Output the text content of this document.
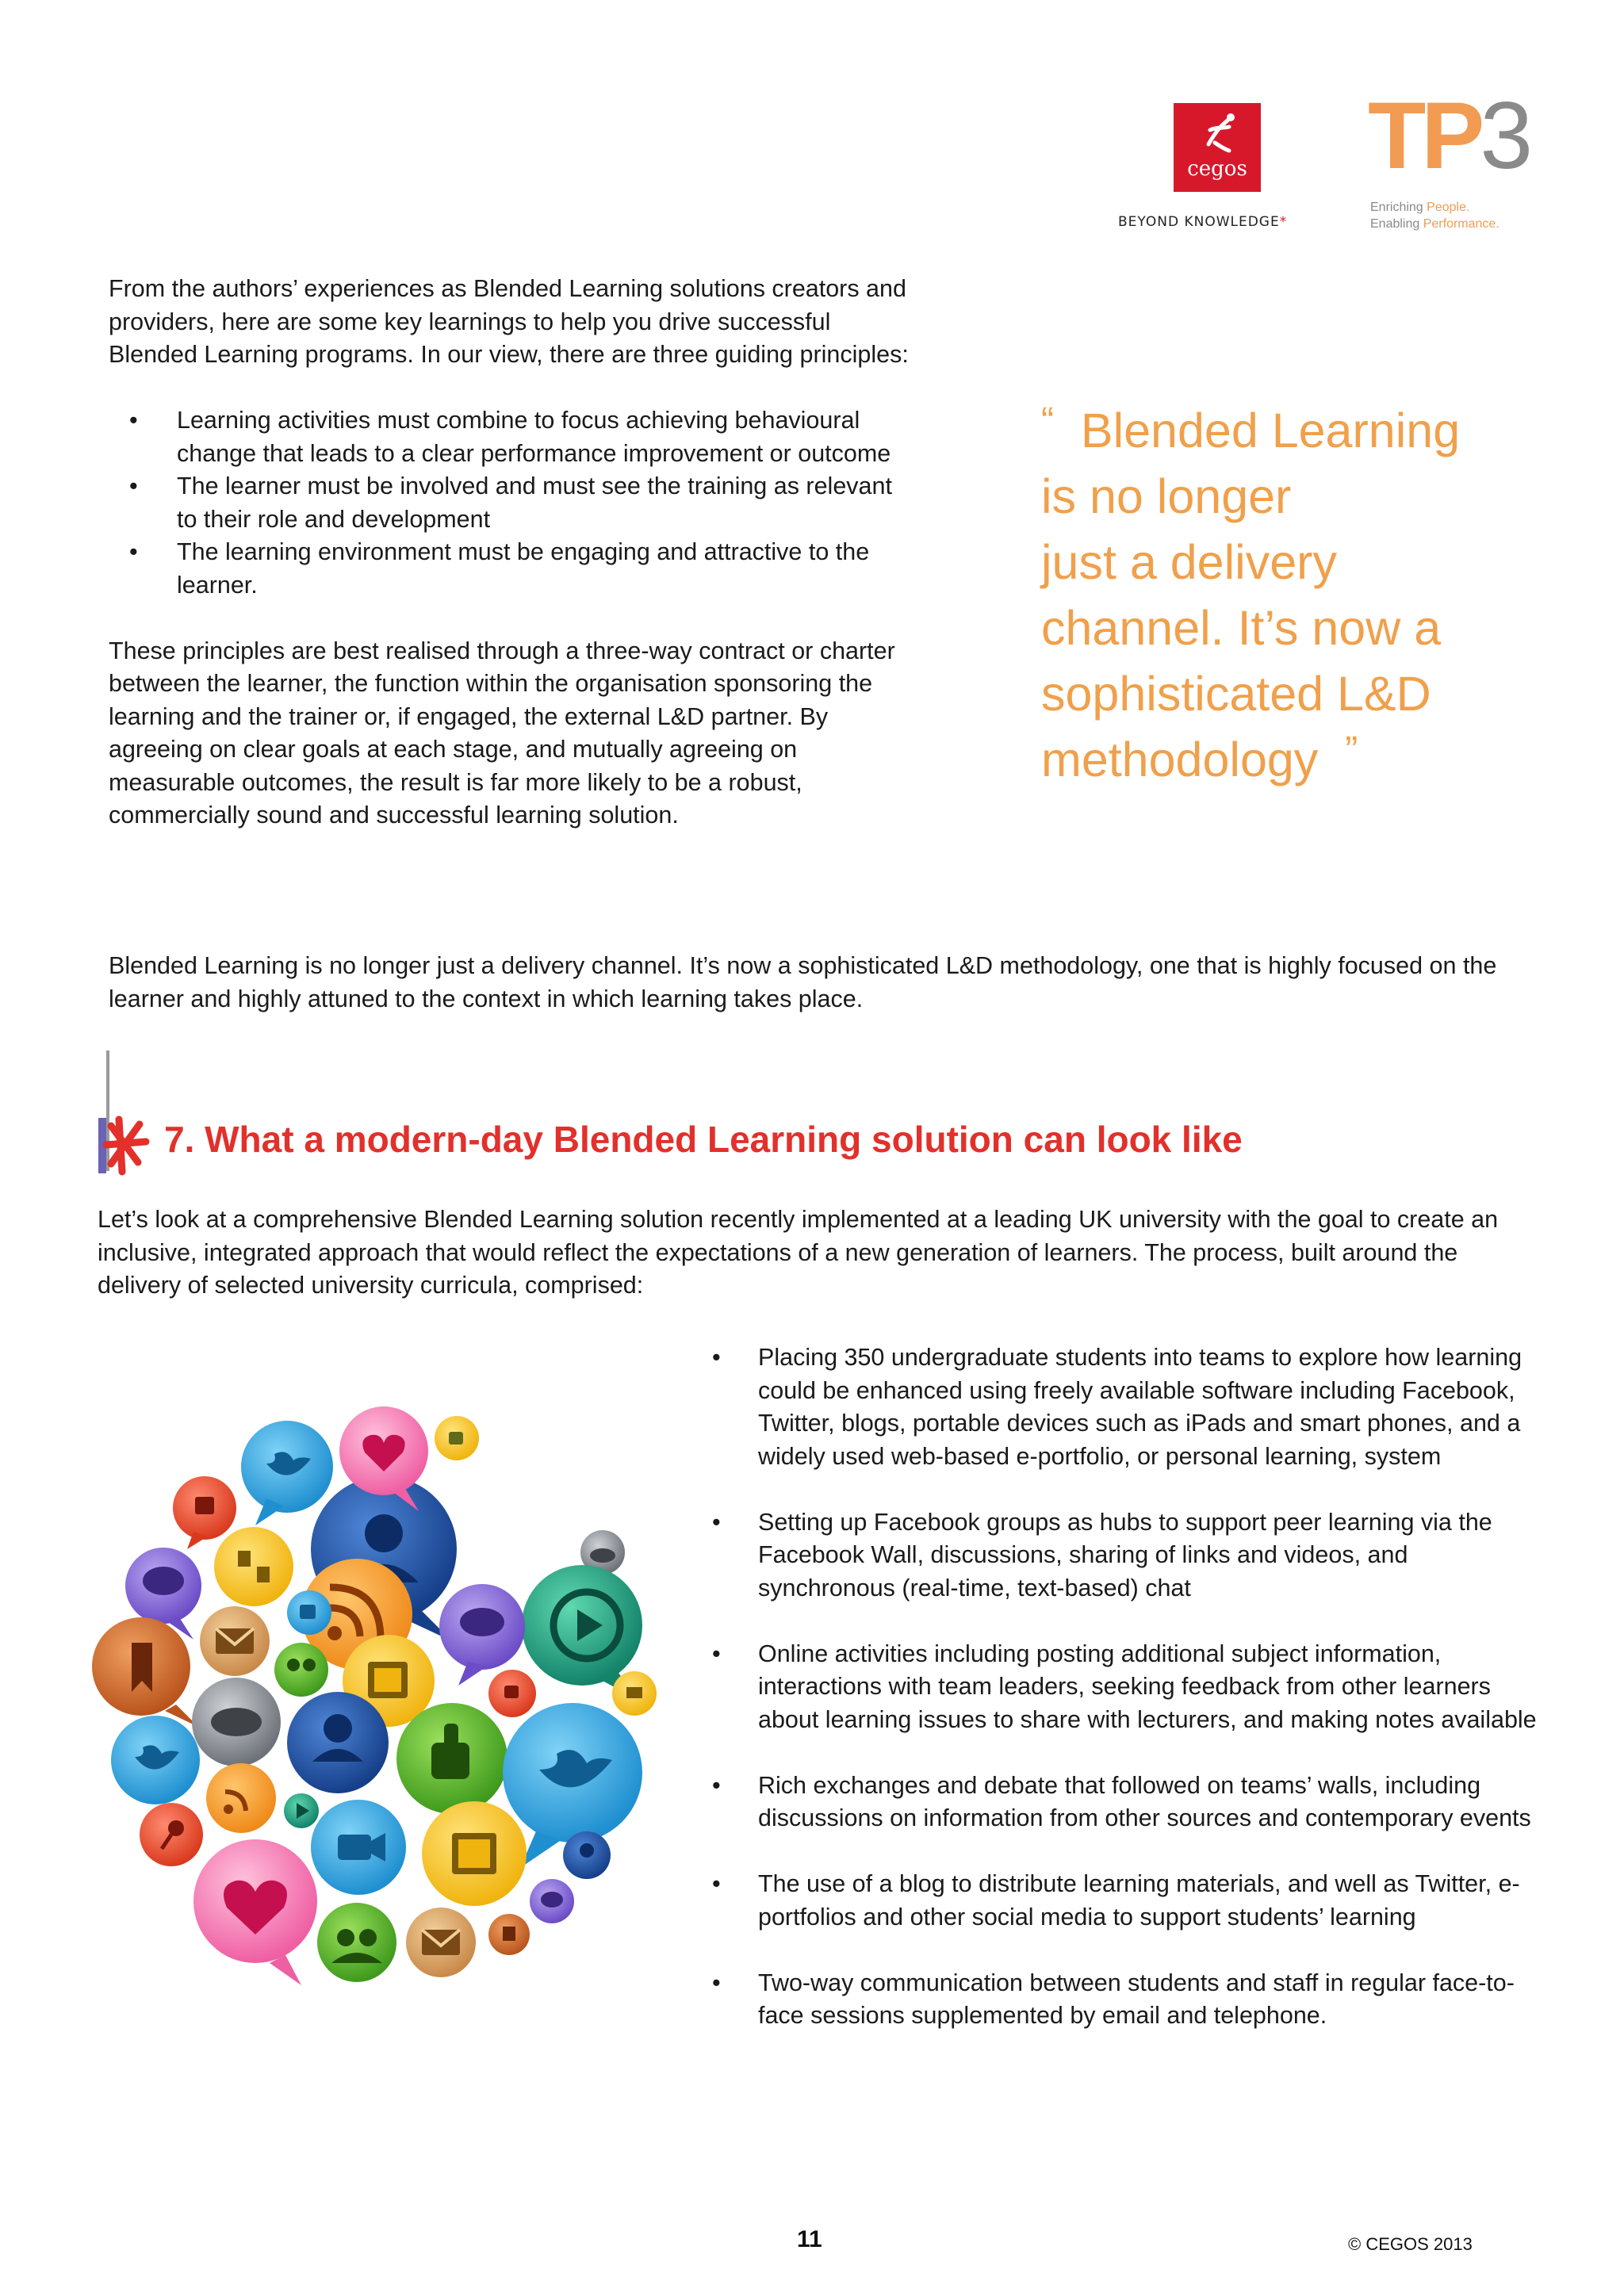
cegos
BEYOND KNOWLEDGE*
TP3
Enriching People.
Enabling Performance.

From the authors’ experiences as Blended Learning solutions creators and providers, here are some key learnings to help you drive successful Blended Learning programs. In our view, there are three guiding principles:

• Learning activities must combine to focus achieving behavioural change that leads to a clear performance improvement or outcome
• The learner must be involved and must see the training as relevant to their role and development
• The learning environment must be engaging and attractive to the learner.

These principles are best realised through a three-way contract or charter between the learner, the function within the organisation sponsoring the learning and the trainer or, if engaged, the external L&D partner. By agreeing on clear goals at each stage, and mutually agreeing on measurable outcomes, the result is far more likely to be a robust, commercially sound and successful learning solution.

“ Blended Learning

is no longer

just a delivery

channel. It’s now a

sophisticated L&D

methodology ”

Blended Learning is no longer just a delivery channel. It’s now a sophisticated L&D methodology, one that is highly focused on the learner and highly attuned to the context in which learning takes place.

7. What a modern-day Blended Learning solution can look like

Let’s look at a comprehensive Blended Learning solution recently implemented at a leading UK university with the goal to create an inclusive, integrated approach that would reflect the expectations of a new generation of learners. The process, built around the delivery of selected university curricula, comprised:

• Placing 350 undergraduate students into teams to explore how learning could be enhanced using freely available software including Facebook, Twitter, blogs, portable devices such as iPads and smart phones, and a widely used web-based e-portfolio, or personal learning, system
• Setting up Facebook groups as hubs to support peer learning via the Facebook Wall, discussions, sharing of links and videos, and synchronous (real-time, text-based) chat
• Online activities including posting additional subject information, interactions with team leaders, seeking feedback from other learners about learning issues to share with lecturers, and making notes available
• Rich exchanges and debate that followed on teams’ walls, including discussions on information from other sources and contemporary events
• The use of a blog to distribute learning materials, and well as Twitter, e-portfolios and other social media to support students’ learning
• Two-way communication between students and staff in regular face-to-face sessions supplemented by email and telephone.
11	© CEGOS 2013
